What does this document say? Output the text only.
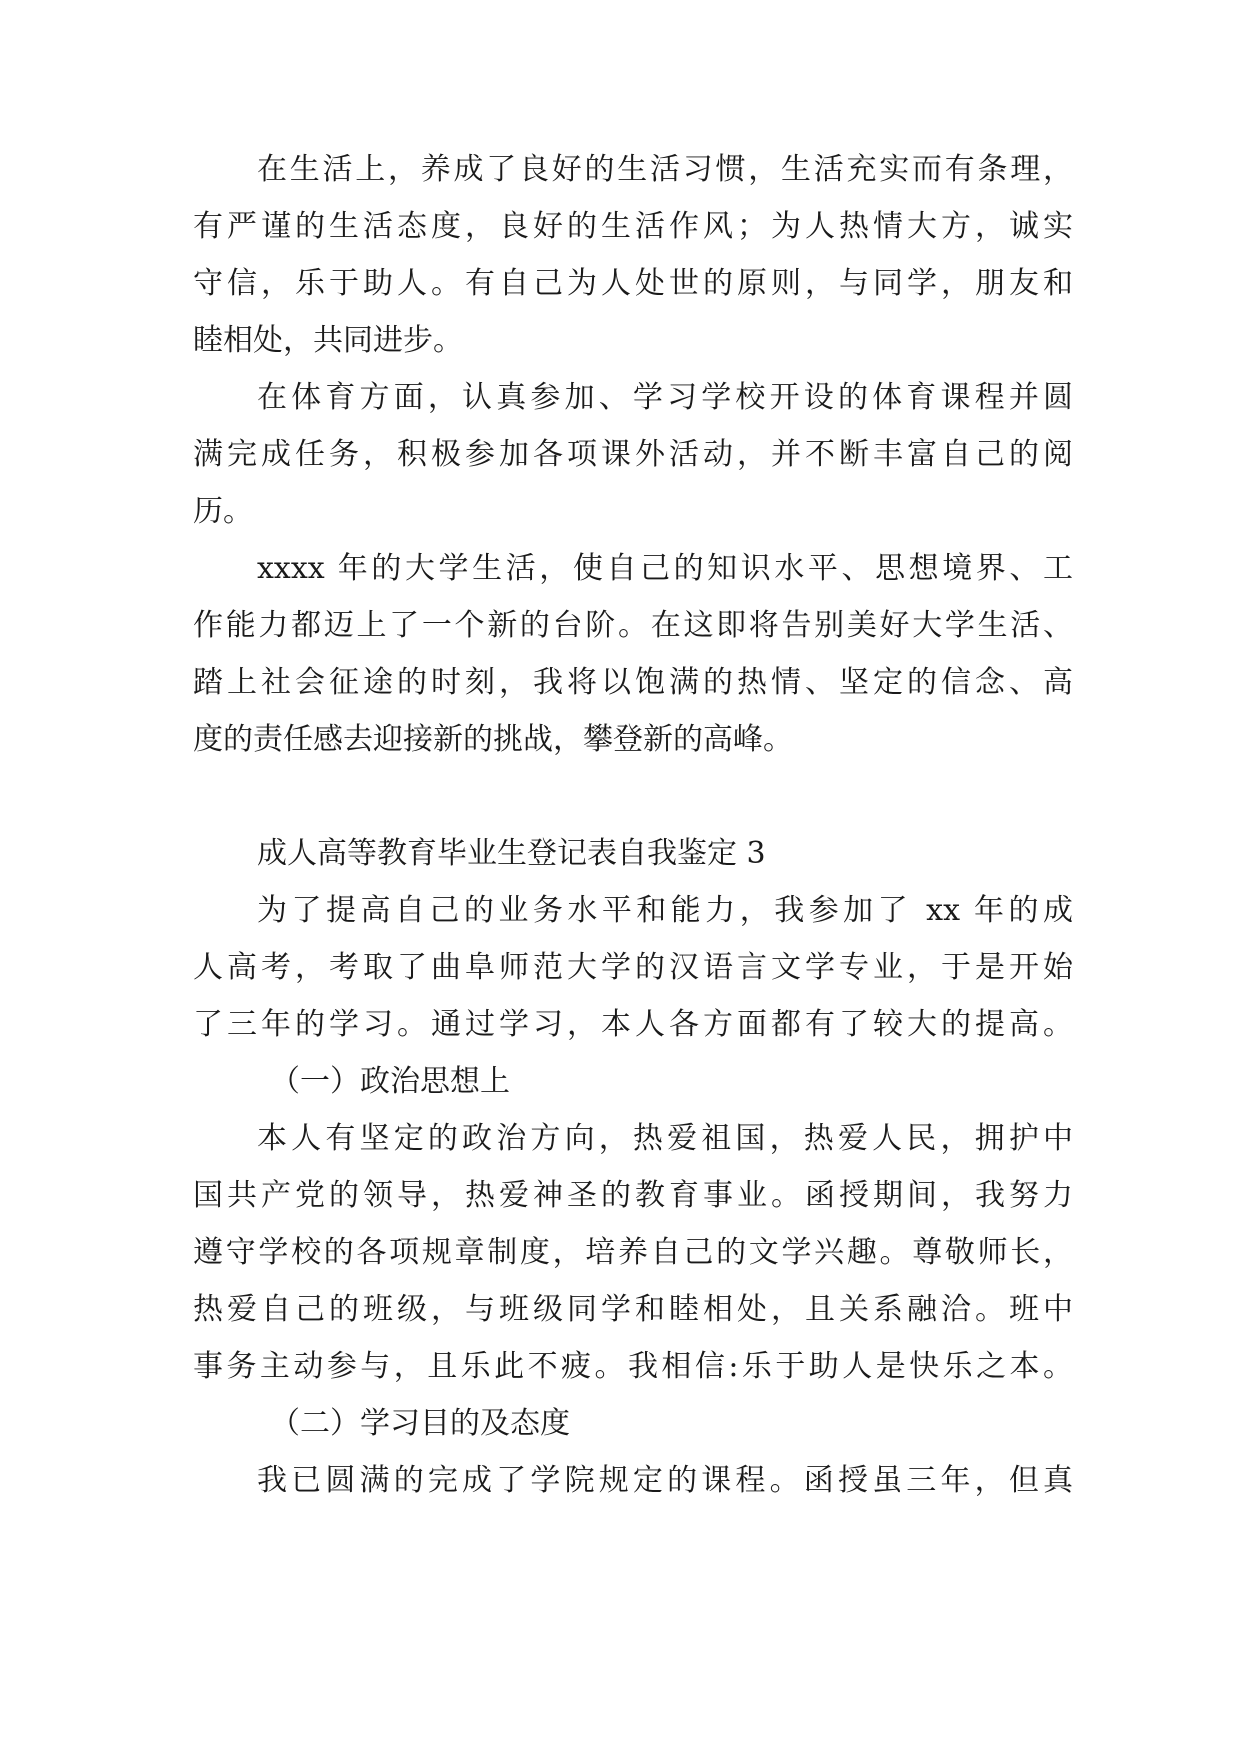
在生活上，养成了良好的生活习惯，生活充实而有条理，
有严谨的生活态度，良好的生活作风；为人热情大方，诚实
守信，乐于助人。有自己为人处世的原则，与同学，朋友和
睦相处，共同进步。
在体育方面，认真参加、学习学校开设的体育课程并圆
满完成任务，积极参加各项课外活动，并不断丰富自己的阅
历。
xxxx 年的大学生活，使自己的知识水平、思想境界、工
作能力都迈上了一个新的台阶。在这即将告别美好大学生活、
踏上社会征途的时刻，我将以饱满的热情、坚定的信念、高
度的责任感去迎接新的挑战，攀登新的高峰。
成人高等教育毕业生登记表自我鉴定 3
为了提高自己的业务水平和能力，我参加了 xx 年的成
人高考，考取了曲阜师范大学的汉语言文学专业，于是开始
了三年的学习。通过学习，本人各方面都有了较大的提高。
（一）政治思想上
本人有坚定的政治方向，热爱祖国，热爱人民，拥护中
国共产党的领导，热爱神圣的教育事业。函授期间，我努力
遵守学校的各项规章制度，培养自己的文学兴趣。尊敬师长，
热爱自己的班级，与班级同学和睦相处，且关系融洽。班中
事务主动参与，且乐此不疲。我相信:乐于助人是快乐之本。
（二）学习目的及态度
我已圆满的完成了学院规定的课程。函授虽三年，但真
